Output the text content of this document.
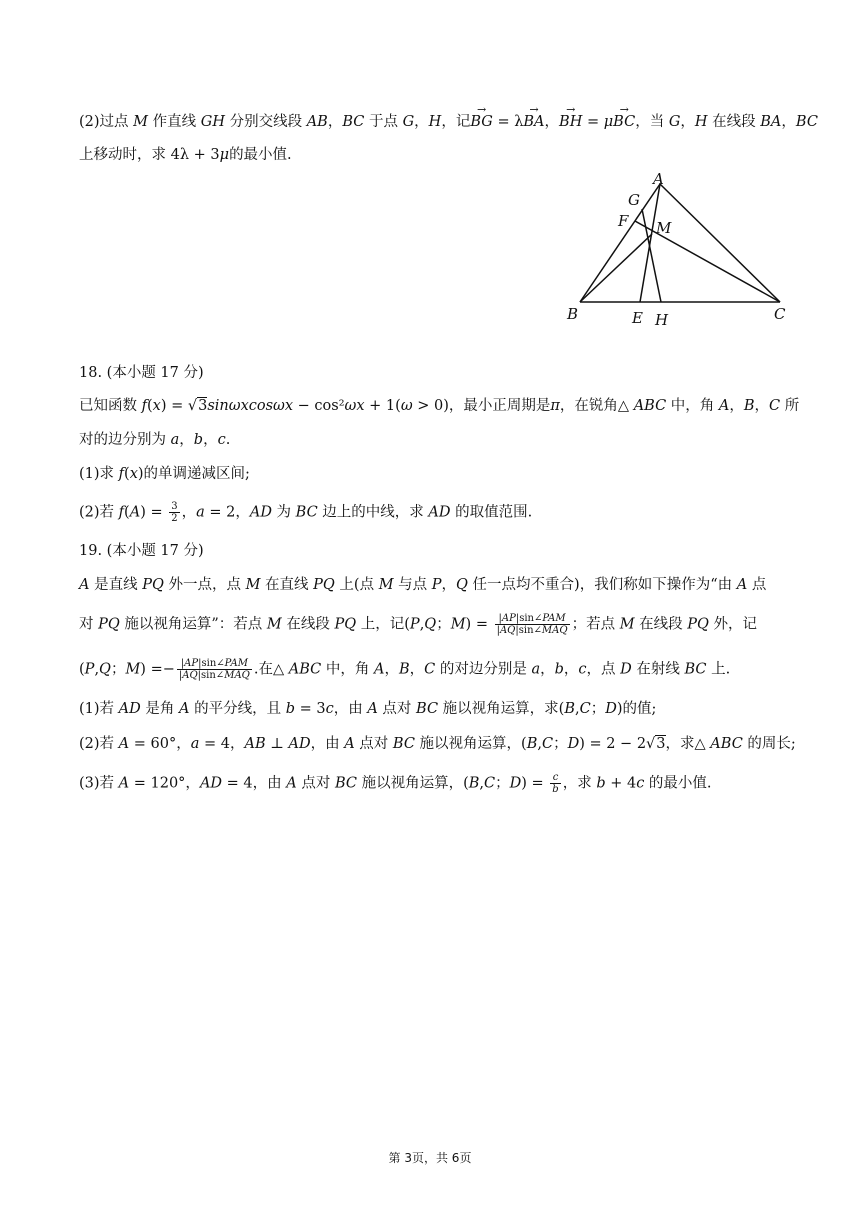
(2)过点 M 作直线 GH 分别交线段 AB，BC 于点 G，H，记→ BG = λ→ BA，→ BH = μ→ BC，当 G，H 在线段 BA，BC
上移动时，求 4λ + 3μ的最小值.
A
G
F M
B	E H	C
18. (本小题 17 分)
已知函数 f(x) = √3sinωxcosωx − cos²ωx + 1(ω > 0)，最小正周期是π，在锐角△ ABC 中，角 A，B，C 所
对的边分别为 a，b，c.
(1)求 f(x)的单调递减区间;
(2)若 $f(A) = \frac{3}{2}$ ，a = 2，AD 为 BC 边上的中线，求 AD 的取值范围.
19. (本小题 17 分)
A 是直线 PQ 外一点，点 M 在直线 PQ 上(点 M 与点 P，Q 任一点均不重合)，我们称如下操作为“由 A 点
对 PQ 施以视角运算”：若点 M 在线段 PQ 上，记(P,Q；$M) = \frac{\text{|AP|sin∠PAM}}{\text{|AQ|sin∠MAQ}}$ ；若点 M 在线段 PQ 外，记
(P,Q；$M) =- \frac{\text{|AP|sin∠PAM}}{\text{|AQ|sin∠MAQ}}$ .在△ ABC 中，角 A，B，C 的对边分别是 a，b，c，点 D 在射线 BC 上.
(1)若 AD 是角 A 的平分线，且 b = 3c，由 A 点对 BC 施以视角运算，求(B,C；D)的值;
(2)若 A = 60°，a = 4，AB ⊥ AD，由 A 点对 BC 施以视角运算，(B,C；D) = 2 − 2√3，求△ ABC 的周长;
(3)若 A = 120°，AD = 4，由 A 点对 BC 施以视角运算，(B,C；$D) = \frac{c}{b}$ ，求 b + 4c 的最小值.
第 3页，共 6页
